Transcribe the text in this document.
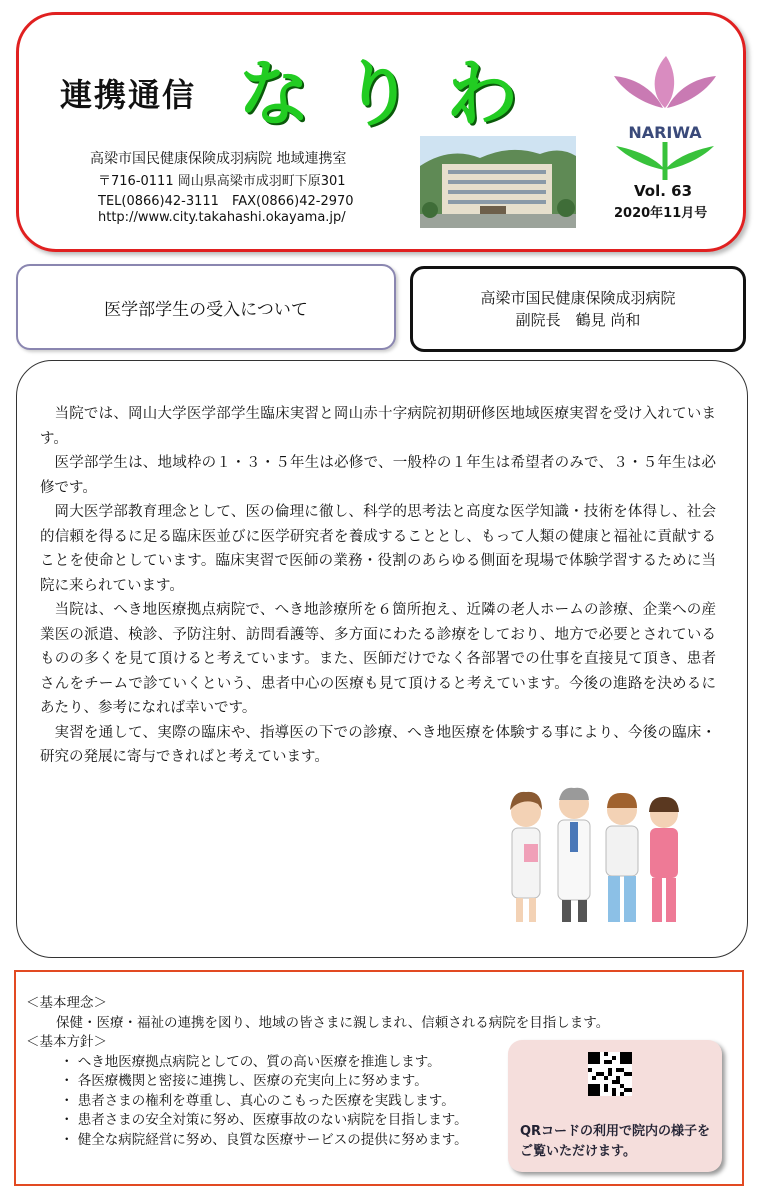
連携通信 なりわ
高梁市国民健康保険成羽病院 地域連携室
〒716-0111 岡山県高梁市成羽町下原301
TEL(0866)42-3111　FAX(0866)42-2970
http://www.city.takahashi.okayama.jp/
NARIWA
Vol. 63
2020年11月号
医学部学生の受入について
高梁市国民健康保険成羽病院
副院長　鶴見 尚和

当院では、岡山大学医学部学生臨床実習と岡山赤十字病院初期研修医地域医療実習を受け入れています。

医学部学生は、地域枠の１・３・５年生は必修で、一般枠の１年生は希望者のみで、３・５年生は必修です。

岡大医学部教育理念として、医の倫理に徹し、科学的思考法と高度な医学知識・技術を体得し、社会的信頼を得るに足る臨床医並びに医学研究者を養成することとし、もって人類の健康と福祉に貢献することを使命としています。臨床実習で医師の業務・役割のあらゆる側面を現場で体験学習するために当院に来られています。

当院は、へき地医療拠点病院で、へき地診療所を６箇所抱え、近隣の老人ホームの診療、企業への産業医の派遣、検診、予防注射、訪問看護等、多方面にわたる診療をしており、地方で必要とされているものの多くを見て頂けると考えています。また、医師だけでなく各部署での仕事を直接見て頂き、患者さんをチームで診ていくという、患者中心の医療も見て頂けると考えています。今後の進路を決めるにあたり、参考になれば幸いです。

実習を通して、実際の臨床や、指導医の下での診療、へき地医療を体験する事により、今後の臨床・研究の発展に寄与できればと考えています。

＜基本理念＞
保健・医療・福祉の連携を図り、地域の皆さまに親しまれ、信頼される病院を目指します。
＜基本方針＞
・ へき地医療拠点病院としての、質の高い医療を推進します。
・ 各医療機関と密接に連携し、医療の充実向上に努めます。
・ 患者さまの権利を尊重し、真心のこもった医療を実践します。
・ 患者さまの安全対策に努め、医療事故のない病院を目指します。
・ 健全な病院経営に努め、良質な医療サービスの提供に努めます。	QRコードの利用で院内の様子をご覧いただけます。
